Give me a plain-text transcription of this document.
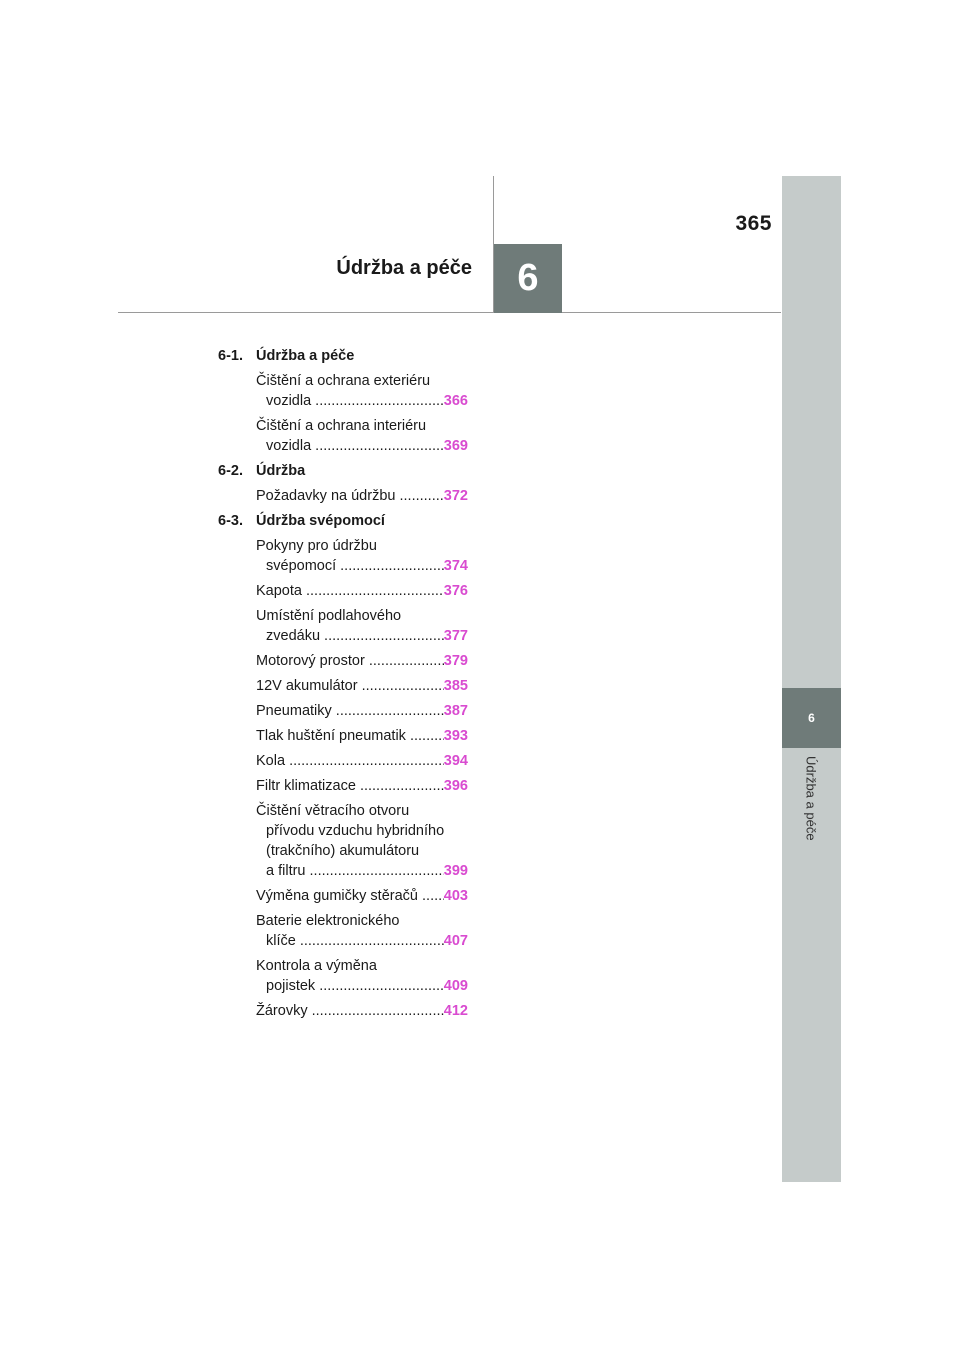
365
Údržba a péče	6
6
Údržba a péče
6-1. Údržba a péče
Čištění a ochrana exteriéru
vozidla .....	366
Čištění a ochrana interiéru
vozidla .....	369
6-2. Údržba
Požadavky na údržbu .....	372
6-3. Údržba svépomocí
Pokyny pro údržbu
svépomocí .....	374
Kapota .....	376
Umístění podlahového
zvedáku .....	377
Motorový prostor .....	379
12V akumulátor .....	385
Pneumatiky .....	387
Tlak huštění pneumatik ..... 393
Kola .....	394
Filtr klimatizace .....	396
Čištění větracího otvoru
přívodu vzduchu hybridního
(trakčního) akumulátoru
a filtru .....	399
Výměna gumičky stěračů ..... 403
Baterie elektronického
klíče .....	407
Kontrola a výměna
pojistek .....	409
Žárovky .....	412
